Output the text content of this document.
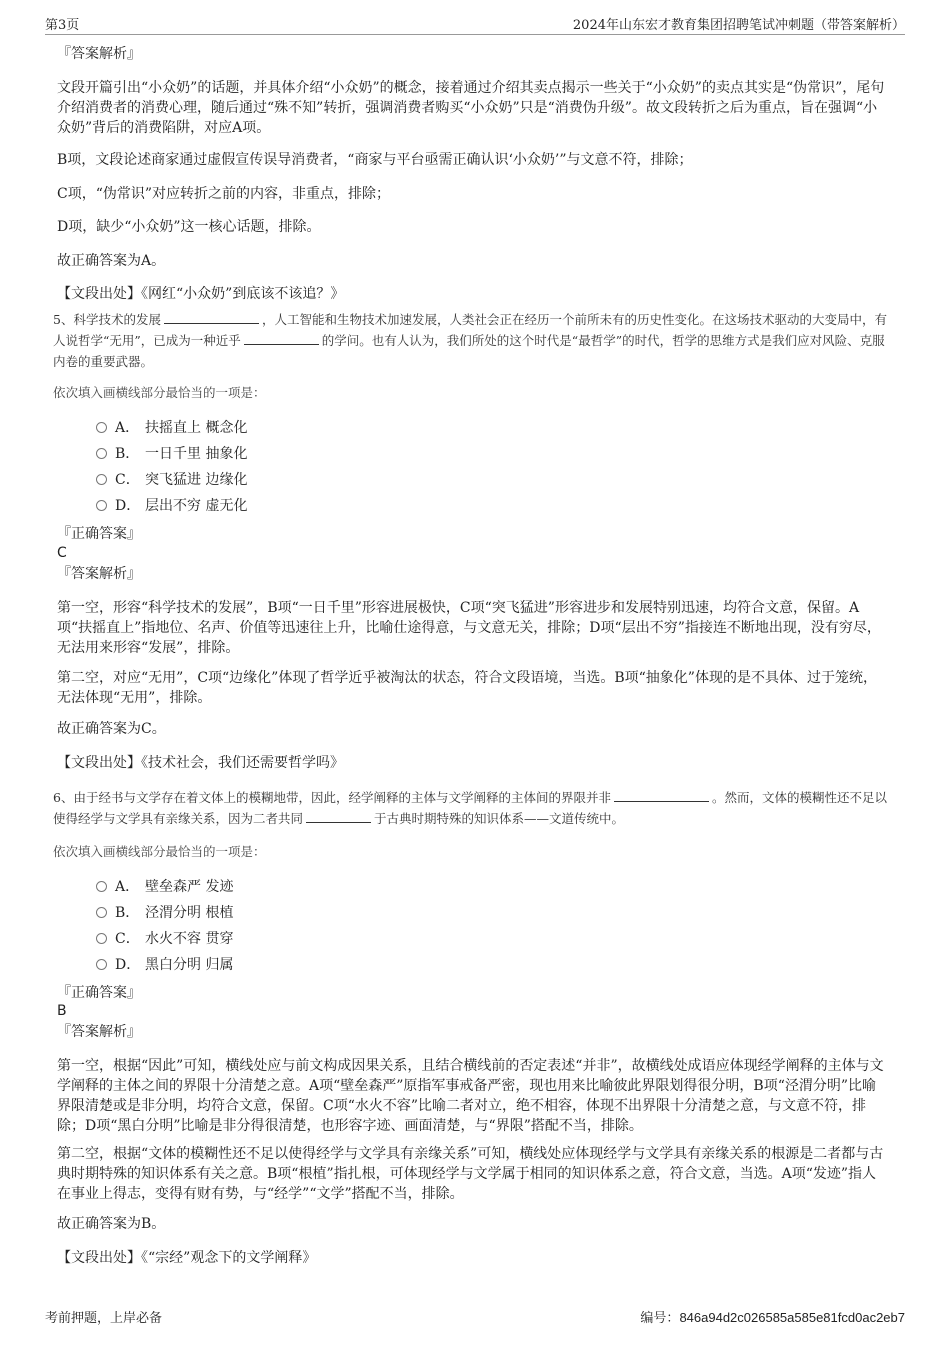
第3页	2024年山东宏才教育集团招聘笔试冲刺题（带答案解析）

『答案解析』

文段开篇引出“小众奶”的话题，并具体介绍“小众奶”的概念，接着通过介绍其卖点揭示一些关于“小众奶”的卖点其实是“伪常识”，尾句介绍消费者的消费心理，随后通过“殊不知”转折，强调消费者购买“小众奶”只是“消费伪升级”。故文段转折之后为重点，旨在强调“小众奶”背后的消费陷阱，对应A项。

B项，文段论述商家通过虚假宣传误导消费者，“商家与平台亟需正确认识‘小众奶’”与文意不符，排除；

C项，“伪常识”对应转折之前的内容，非重点，排除；

D项，缺少“小众奶”这一核心话题，排除。

故正确答案为A。

【文段出处】《网红“小众奶”到底该不该追？》

5、科学技术的发展	，人工智能和生物技术加速发展，人类社会正在经历一个前所未有的历史性变化。在这场技术驱动的大变局中，有人说哲学“无用”，已成为一种近乎	的学问。也有人认为，我们所处的这个时代是“最哲学”的时代，哲学的思维方式是我们应对风险、克服内卷的重要武器。

依次填入画横线部分最恰当的一项是：

A． 扶摇直上 概念化
B． 一日千里 抽象化
C． 突飞猛进 边缘化
D． 层出不穷 虚无化

『正确答案』

C

『答案解析』

第一空，形容“科学技术的发展”，B项“一日千里”形容进展极快，C项“突飞猛进”形容进步和发展特别迅速，均符合文意，保留。A项“扶摇直上”指地位、名声、价值等迅速往上升，比喻仕途得意，与文意无关，排除；D项“层出不穷”指接连不断地出现，没有穷尽，无法用来形容“发展”，排除。

第二空，对应“无用”，C项“边缘化”体现了哲学近乎被淘汰的状态，符合文段语境，当选。B项“抽象化”体现的是不具体、过于笼统，无法体现“无用”，排除。

故正确答案为C。

【文段出处】《技术社会，我们还需要哲学吗》

6、由于经书与文学存在着文体上的模糊地带，因此，经学阐释的主体与文学阐释的主体间的界限并非	。然而，文体的模糊性还不足以使得经学与文学具有亲缘关系，因为二者共同	于古典时期特殊的知识体系——文道传统中。

依次填入画横线部分最恰当的一项是：

A． 壁垒森严 发迹
B． 泾渭分明 根植
C． 水火不容 贯穿
D． 黑白分明 归属

『正确答案』

B

『答案解析』

第一空，根据“因此”可知，横线处应与前文构成因果关系，且结合横线前的否定表述“并非”，故横线处成语应体现经学阐释的主体与文学阐释的主体之间的界限十分清楚之意。A项“壁垒森严”原指军事戒备严密，现也用来比喻彼此界限划得很分明，B项“泾渭分明”比喻界限清楚或是非分明，均符合文意，保留。C项“水火不容”比喻二者对立，绝不相容，体现不出界限十分清楚之意，与文意不符，排除；D项“黑白分明”比喻是非分得很清楚，也形容字迹、画面清楚，与“界限”搭配不当，排除。

第二空，根据“文体的模糊性还不足以使得经学与文学具有亲缘关系”可知，横线处应体现经学与文学具有亲缘关系的根源是二者都与古典时期特殊的知识体系有关之意。B项“根植”指扎根，可体现经学与文学属于相同的知识体系之意，符合文意，当选。A项“发迹”指人在事业上得志，变得有财有势，与“经学”“文学”搭配不当，排除。

故正确答案为B。

【文段出处】《“宗经”观念下的文学阐释》

考前押题，上岸必备	编号：846a94d2c026585a585e81fcd0ac2eb7
